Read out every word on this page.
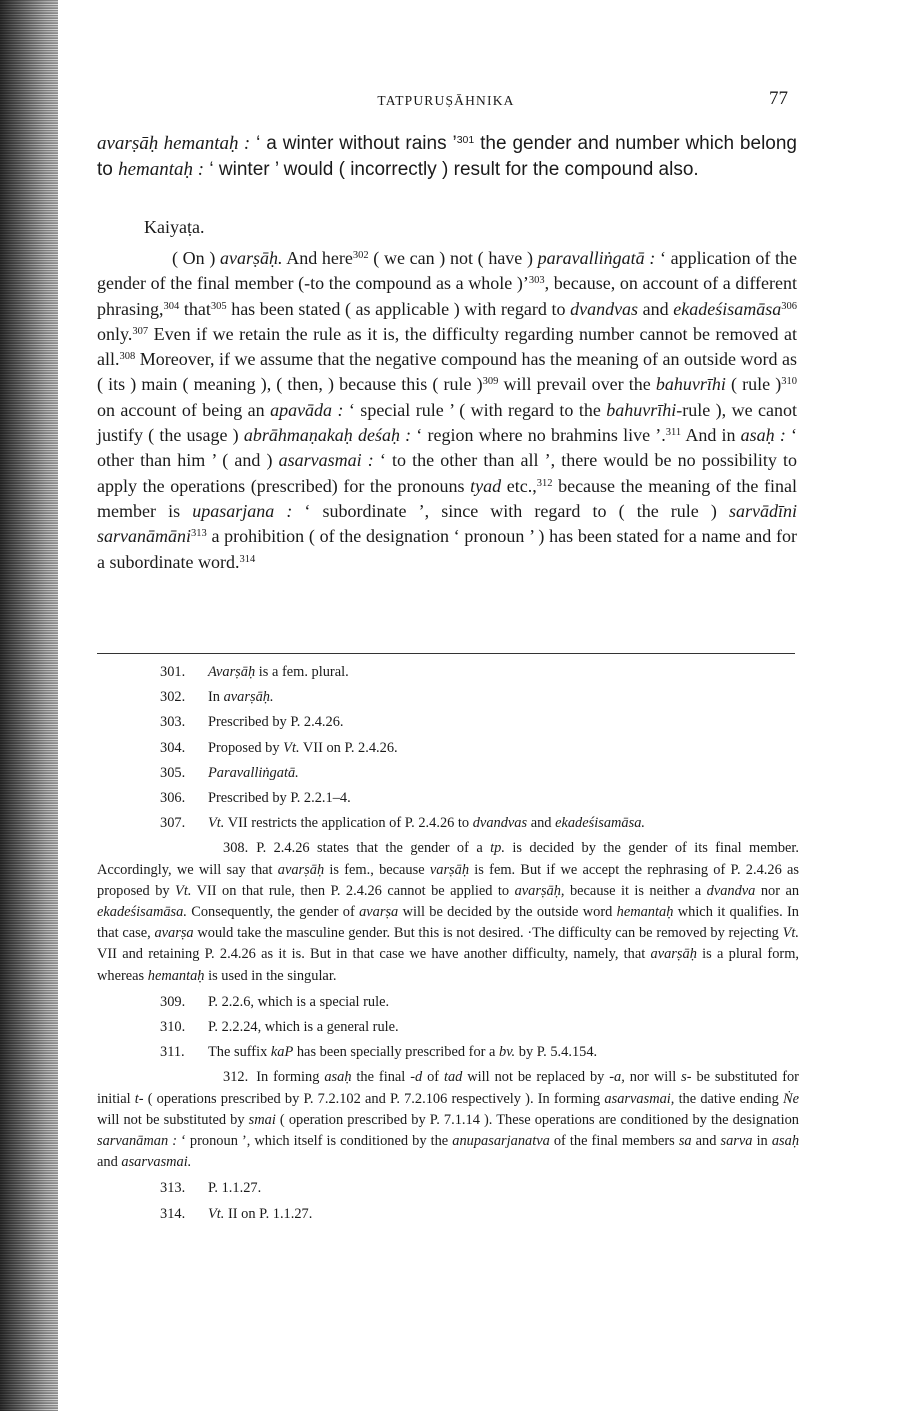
TATPURUṢĀHNIKA	77
avarṣāḥ hemantaḥ : ‘ a winter without rains ’$^{301}$ the gender and number which belong to hemantaḥ : ‘ winter ’ would ( incorrectly ) result for the compound also.
Kaiyaṭa.

( On ) avarṣāḥ. And here$^{302}$ ( we can ) not ( have ) paravalliṅgatā : ‘ application of the gender of the final member (-to the compound as a whole )’$^{303}$, because, on account of a different phrasing,$^{304}$ that$^{305}$ has been stated ( as applicable ) with regard to dvandvas and ekadeśisamāsa$^{306}$ only.$^{307}$ Even if we retain the rule as it is, the difficulty regarding number cannot be removed at all.$^{308}$ Moreover, if we assume that the negative compound has the meaning of an outside word as ( its ) main ( meaning ), ( then, ) because this ( rule )$^{309}$ will prevail over the bahuvrīhi ( rule )$^{310}$ on account of being an apavāda : ‘ special rule ’ ( with regard to the bahuvrīhi-rule ), we canot justify ( the usage ) abrāhmaṇakaḥ deśaḥ : ‘ region where no brahmins live ’.$^{311}$ And in asaḥ : ‘ other than him ’ ( and ) asarvasmai : ‘ to the other than all ’, there would be no possibility to apply the operations (prescribed) for the pronouns tyad etc.,$^{312}$ because the meaning of the final member is upasarjana : ‘ subordinate ’, since with regard to ( the rule ) sarvādīni sarvanāmāni$^{313}$ a prohibition ( of the designation ‘ pronoun ’ ) has been stated for a name and for a subordinate word.$^{314}$

301. Avarṣāḥ is a fem. plural.
302. In avarṣāḥ.
303. Prescribed by P. 2.4.26.
304. Proposed by Vt. VII on P. 2.4.26.
305. Paravalliṅgatā.
306. Prescribed by P. 2.2.1–4.
307. Vt. VII restricts the application of P. 2.4.26 to dvandvas and ekadeśisamāsa.
308. P. 2.4.26 states that the gender of a tp. is decided by the gender of its final member. Accordingly, we will say that avarṣāḥ is fem., because varṣāḥ is fem. But if we accept the rephrasing of P. 2.4.26 as proposed by Vt. VII on that rule, then P. 2.4.26 cannot be applied to avarṣāḥ, because it is neither a dvandva nor an ekadeśisamāsa. Consequently, the gender of avarṣa will be decided by the outside word hemantaḥ which it qualifies. In that case, avarṣa would take the masculine gender. But this is not desired. ·The difficulty can be removed by rejecting Vt. VII and retaining P. 2.4.26 as it is. But in that case we have another difficulty, namely, that avarṣāḥ is a plural form, whereas hemantaḥ is used in the singular.
309. P. 2.2.6, which is a special rule.
310. P. 2.2.24, which is a general rule.
311. The suffix kaP has been specially prescribed for a bv. by P. 5.4.154.
312. In forming asaḥ the final -d of tad will not be replaced by -a, nor will s- be substituted for initial t- ( operations prescribed by P. 7.2.102 and P. 7.2.106 respectively ). In forming asarvasmai, the dative ending Ṅe will not be substituted by smai ( operation prescribed by P. 7.1.14 ). These operations are conditioned by the designation sarvanāman : ‘ pronoun ’, which itself is conditioned by the anupasarjanatva of the final members sa and sarva in asaḥ and asarvasmai.
313. P. 1.1.27.
314. Vt. II on P. 1.1.27.
